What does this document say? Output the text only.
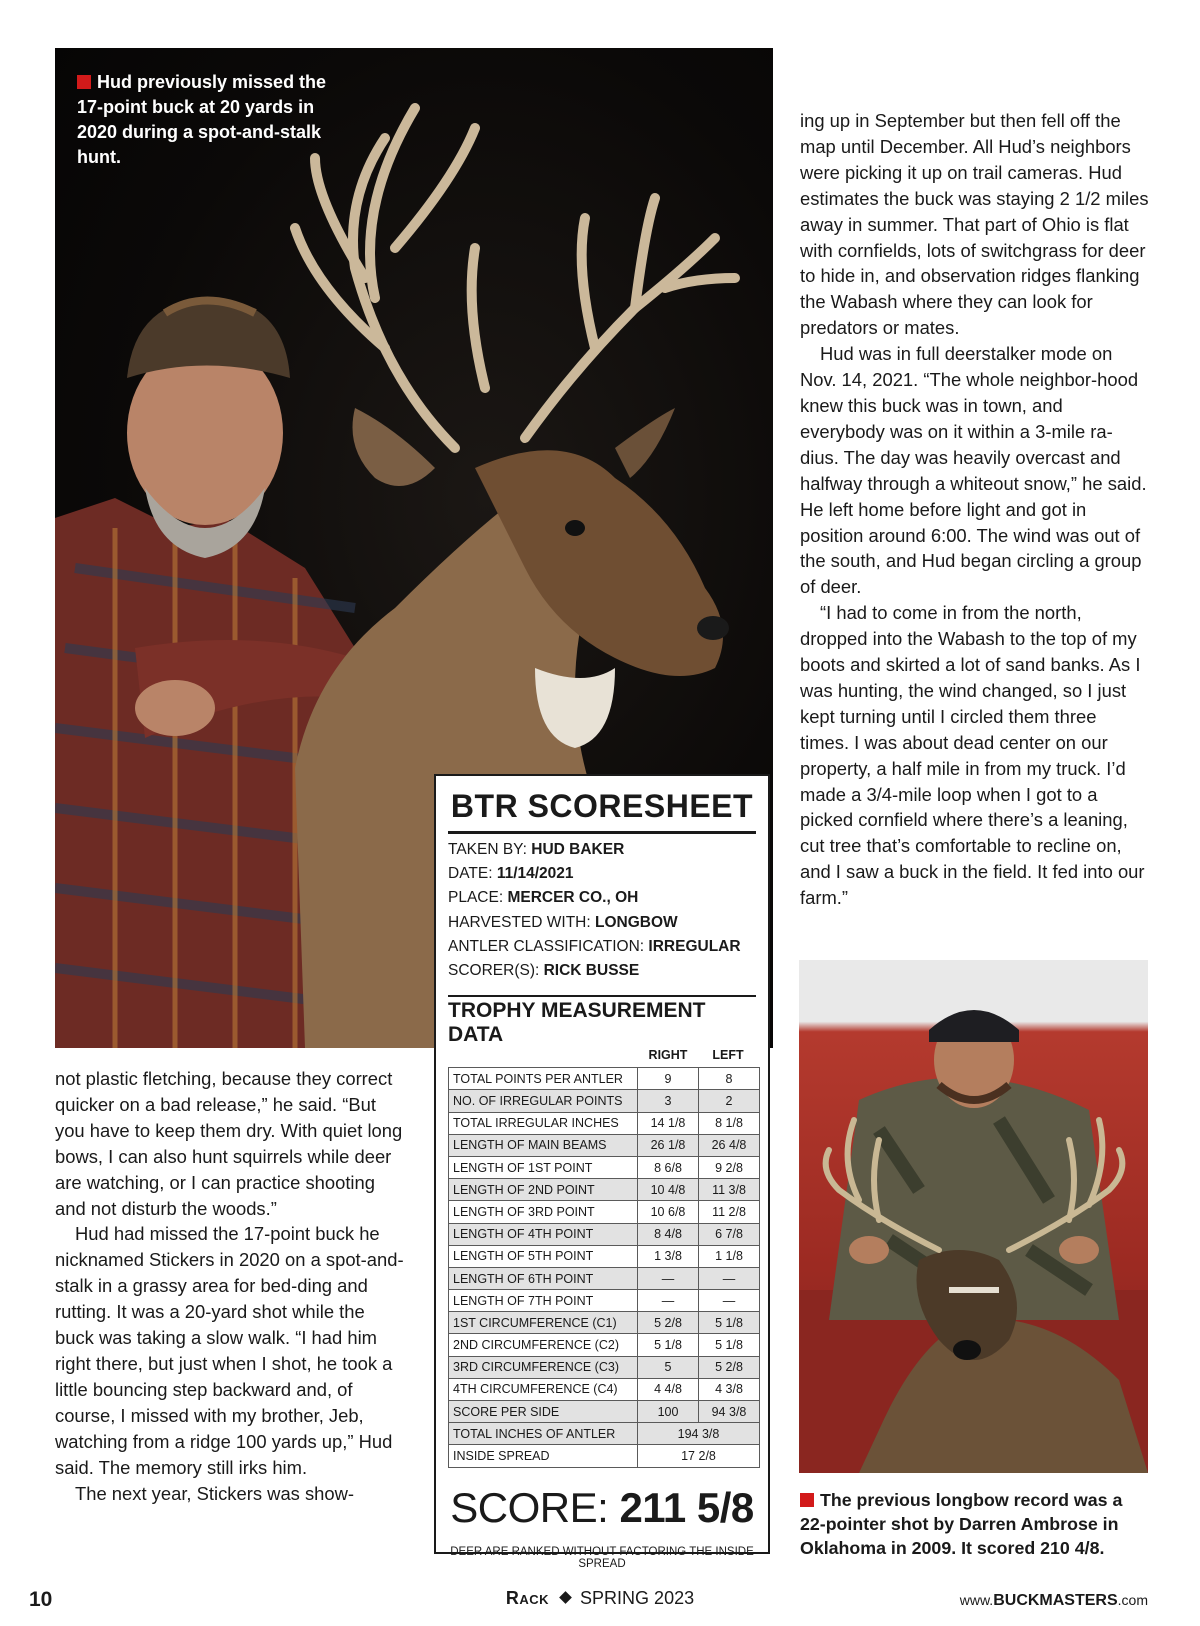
Hud previously missed the 17-point buck at 20 yards in 2020 during a spot-and-stalk hunt.

ing up in September but then fell off the map until December. All Hud’s neighbors were picking it up on trail cameras. Hud estimates the buck was staying 2 1/2 miles away in summer. That part of Ohio is flat with cornfields, lots of switchgrass for deer to hide in, and observation ridges flanking the Wabash where they can look for predators or mates.

Hud was in full deerstalker mode on Nov. 14, 2021. “The whole neighbor-hood knew this buck was in town, and everybody was on it within a 3-mile ra-dius. The day was heavily overcast and halfway through a whiteout snow,” he said. He left home before light and got in position around 6:00. The wind was out of the south, and Hud began circling a group of deer.

“I had to come in from the north, dropped into the Wabash to the top of my boots and skirted a lot of sand banks. As I was hunting, the wind changed, so I just kept turning until I circled them three times. I was about dead center on our property, a half mile in from my truck. I’d made a 3/4-mile loop when I got to a picked cornfield where there’s a leaning, cut tree that’s comfortable to recline on, and I saw a buck in the field. It fed into our farm.”

not plastic fletching, because they correct quicker on a bad release,” he said. “But you have to keep them dry. With quiet long bows, I can also hunt squirrels while deer are watching, or I can practice shooting and not disturb the woods.”

Hud had missed the 17-point buck he nicknamed Stickers in 2020 on a spot-and-stalk in a grassy area for bed-ding and rutting. It was a 20-yard shot while the buck was taking a slow walk. “I had him right there, but just when I shot, he took a little bouncing step backward and, of course, I missed with my brother, Jeb, watching from a ridge 100 yards up,” Hud said. The memory still irks him.

The next year, Stickers was show-

BTR SCORESHEET
TAKEN BY: HUD BAKER
DATE: 11/14/2021
PLACE: MERCER CO., OH
HARVESTED WITH: LONGBOW
ANTLER CLASSIFICATION: IRREGULAR
SCORER(S): RICK BUSSE
TROPHY MEASUREMENT DATA
RIGHT	LEFT
TOTAL POINTS PER ANTLER	9	8
NO. OF IRREGULAR POINTS	3	2
TOTAL IRREGULAR INCHES	14 1/8	8 1/8
LENGTH OF MAIN BEAMS	26 1/8	26 4/8
LENGTH OF 1ST POINT	8 6/8	9 2/8
LENGTH OF 2ND POINT	10 4/8	11 3/8
LENGTH OF 3RD POINT	10 6/8	11 2/8
LENGTH OF 4TH POINT	8 4/8	6 7/8
LENGTH OF 5TH POINT	1 3/8	1 1/8
LENGTH OF 6TH POINT	—	—
LENGTH OF 7TH POINT	—	—
1ST CIRCUMFERENCE (C1)	5 2/8	5 1/8
2ND CIRCUMFERENCE (C2)	5 1/8	5 1/8
3RD CIRCUMFERENCE (C3)	5	5 2/8
4TH CIRCUMFERENCE (C4)	4 4/8	4 3/8
SCORE PER SIDE	100	94 3/8
TOTAL INCHES OF ANTLER	194 3/8	
INSIDE SPREAD	17 2/8	
SCORE: 211 5/8
DEER ARE RANKED WITHOUT FACTORING THE INSIDE SPREAD
The previous longbow record was a 22-pointer shot by Darren Ambrose in Oklahoma in 2009. It scored 210 4/8.
10	Rack SPRING 2023	www.BUCKMASTERS.com
